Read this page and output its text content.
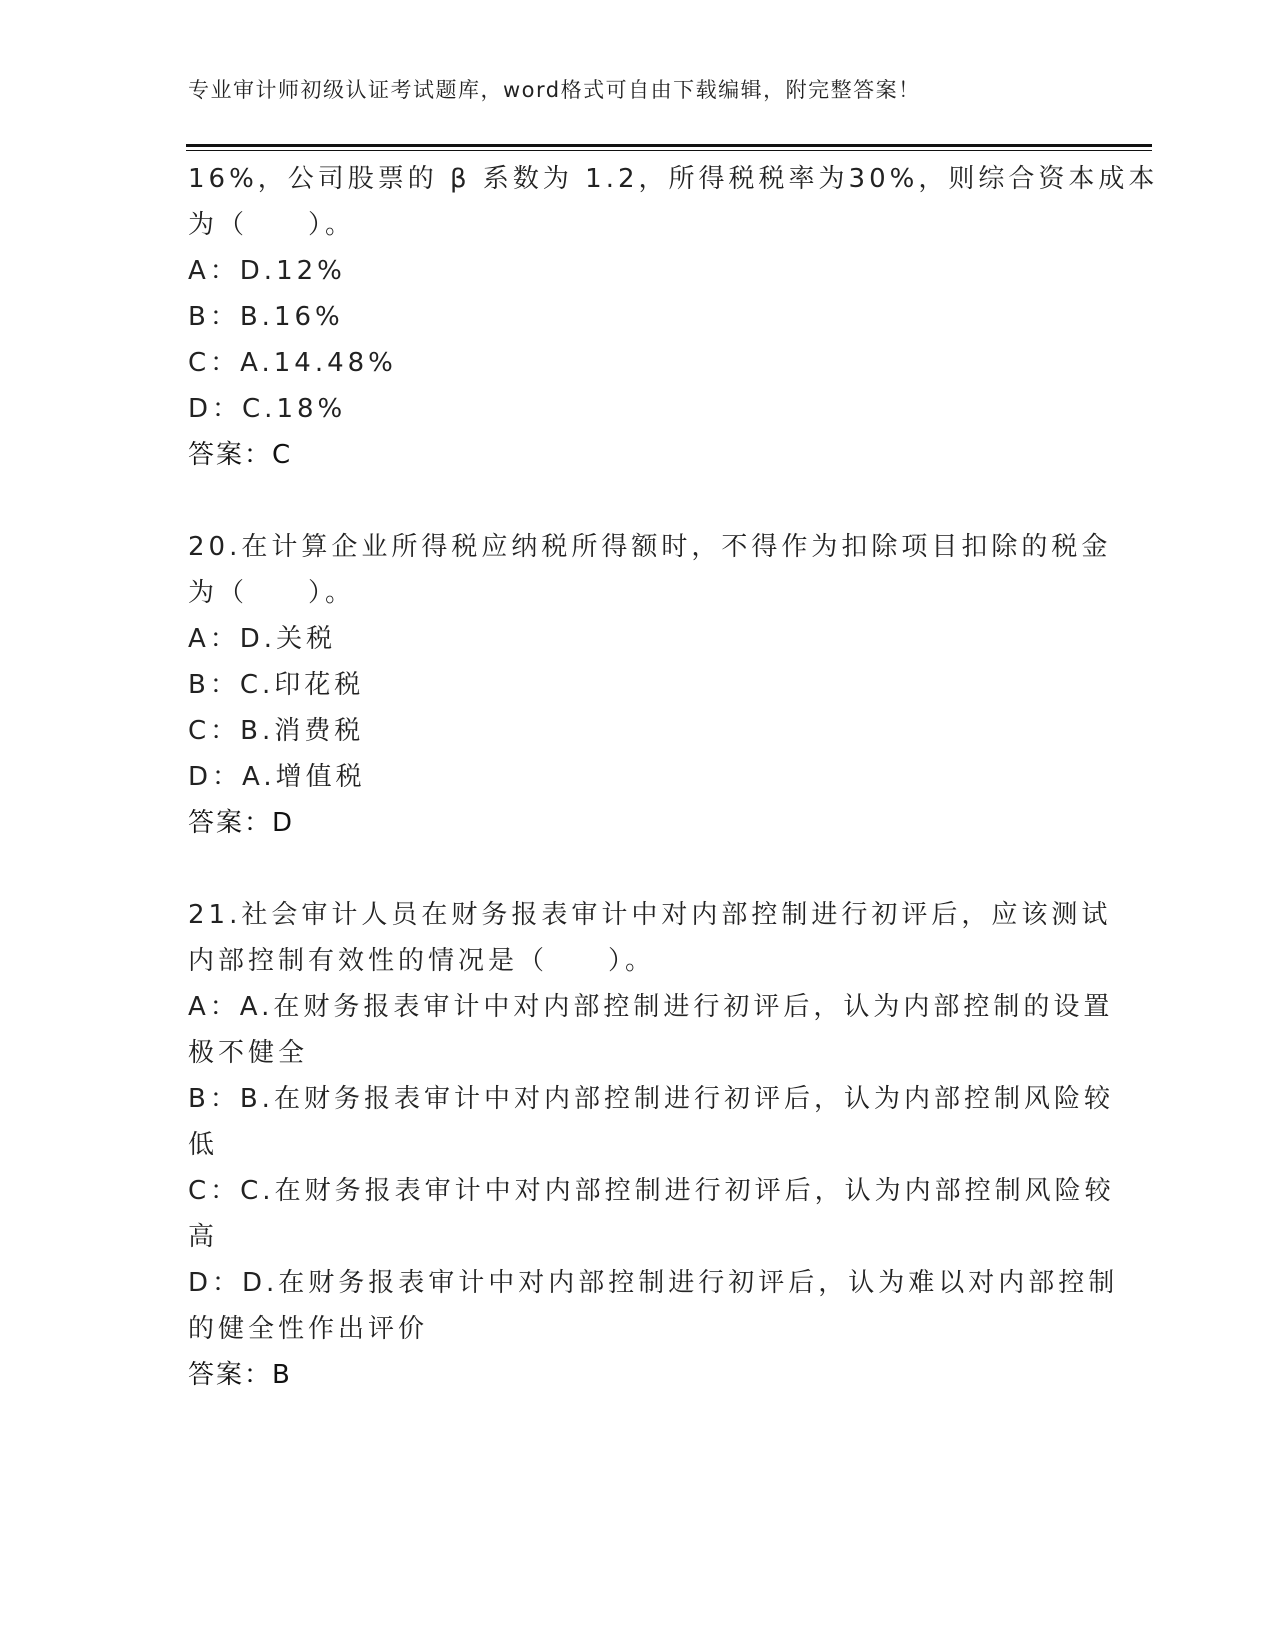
专业审计师初级认证考试题库，word格式可自由下载编辑，附完整答案！
16%，公司股票的 β 系数为 1.2，所得税税率为30%，则综合资本成本
为（　　）。
A：D.12%
B：B.16%
C：A.14.48%
D：C.18%
答案：C
20.在计算企业所得税应纳税所得额时，不得作为扣除项目扣除的税金
为（　　）。
A：D.关税
B：C.印花税
C：B.消费税
D：A.增值税
答案：D
21.社会审计人员在财务报表审计中对内部控制进行初评后，应该测试
内部控制有效性的情况是（　　）。
A：A.在财务报表审计中对内部控制进行初评后，认为内部控制的设置
极不健全
B：B.在财务报表审计中对内部控制进行初评后，认为内部控制风险较
低
C：C.在财务报表审计中对内部控制进行初评后，认为内部控制风险较
高
D：D.在财务报表审计中对内部控制进行初评后，认为难以对内部控制
的健全性作出评价
答案：B
